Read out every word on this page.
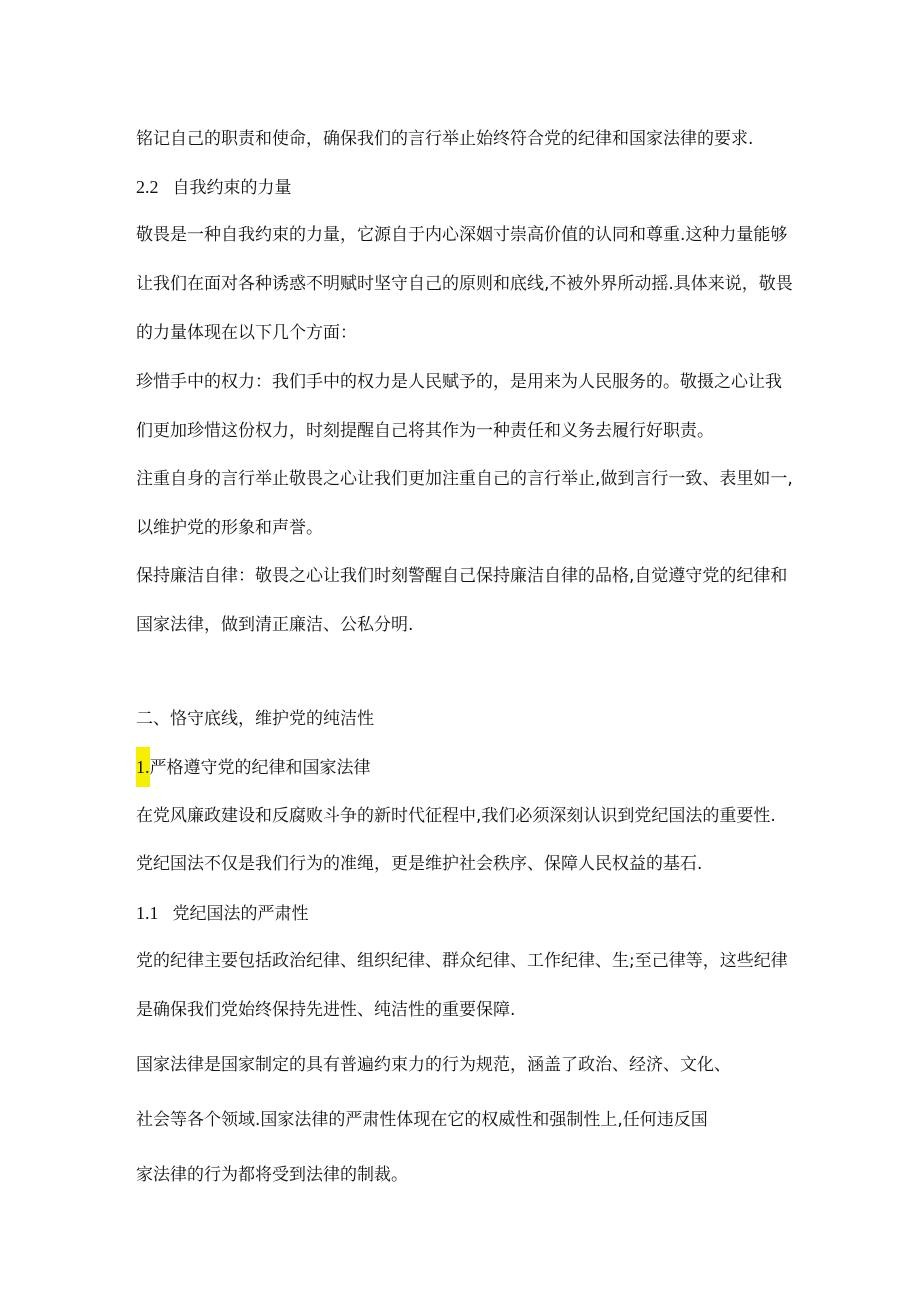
铭记自己的职责和使命，确保我们的言行举止始终符合党的纪律和国家法律的要求.
2.2 自我约束的力量
敬畏是一种自我约束的力量，它源自于内心深姻寸崇高价值的认同和尊重.这种力量能够
让我们在面对各种诱惑不明赋时坚守自己的原则和底线,不被外界所动摇.具体来说，敬畏
的力量体现在以下几个方面：
珍惜手中的权力：我们手中的权力是人民赋予的，是用来为人民服务的。敬摄之心让我
们更加珍惜这份权力，时刻提醒自己将其作为一种责任和义务去履行好职责。
注重自身的言行举止敬畏之心让我们更加注重自己的言行举止,做到言行一致、表里如一,
以维护党的形象和声誉。
保持廉洁自律：敬畏之心让我们时刻警醒自己保持廉洁自律的品格,自觉遵守党的纪律和
国家法律，做到清正廉洁、公私分明.
二、恪守底线，维护党的纯洁性
1.严格遵守党的纪律和国家法律
在党风廉政建设和反腐败斗争的新时代征程中,我们必须深刻认识到党纪国法的重要性.
党纪国法不仅是我们行为的准绳，更是维护社会秩序、保障人民权益的基石.
1.1 党纪国法的严肃性
党的纪律主要包括政治纪律、组织纪律、群众纪律、工作纪律、生;至己律等，这些纪律
是确保我们党始终保持先进性、纯洁性的重要保障.
国家法律是国家制定的具有普遍约束力的行为规范，涵盖了政治、经济、文化、
社会等各个领域.国家法律的严肃性体现在它的权威性和强制性上,任何违反国
家法律的行为都将受到法律的制裁。
